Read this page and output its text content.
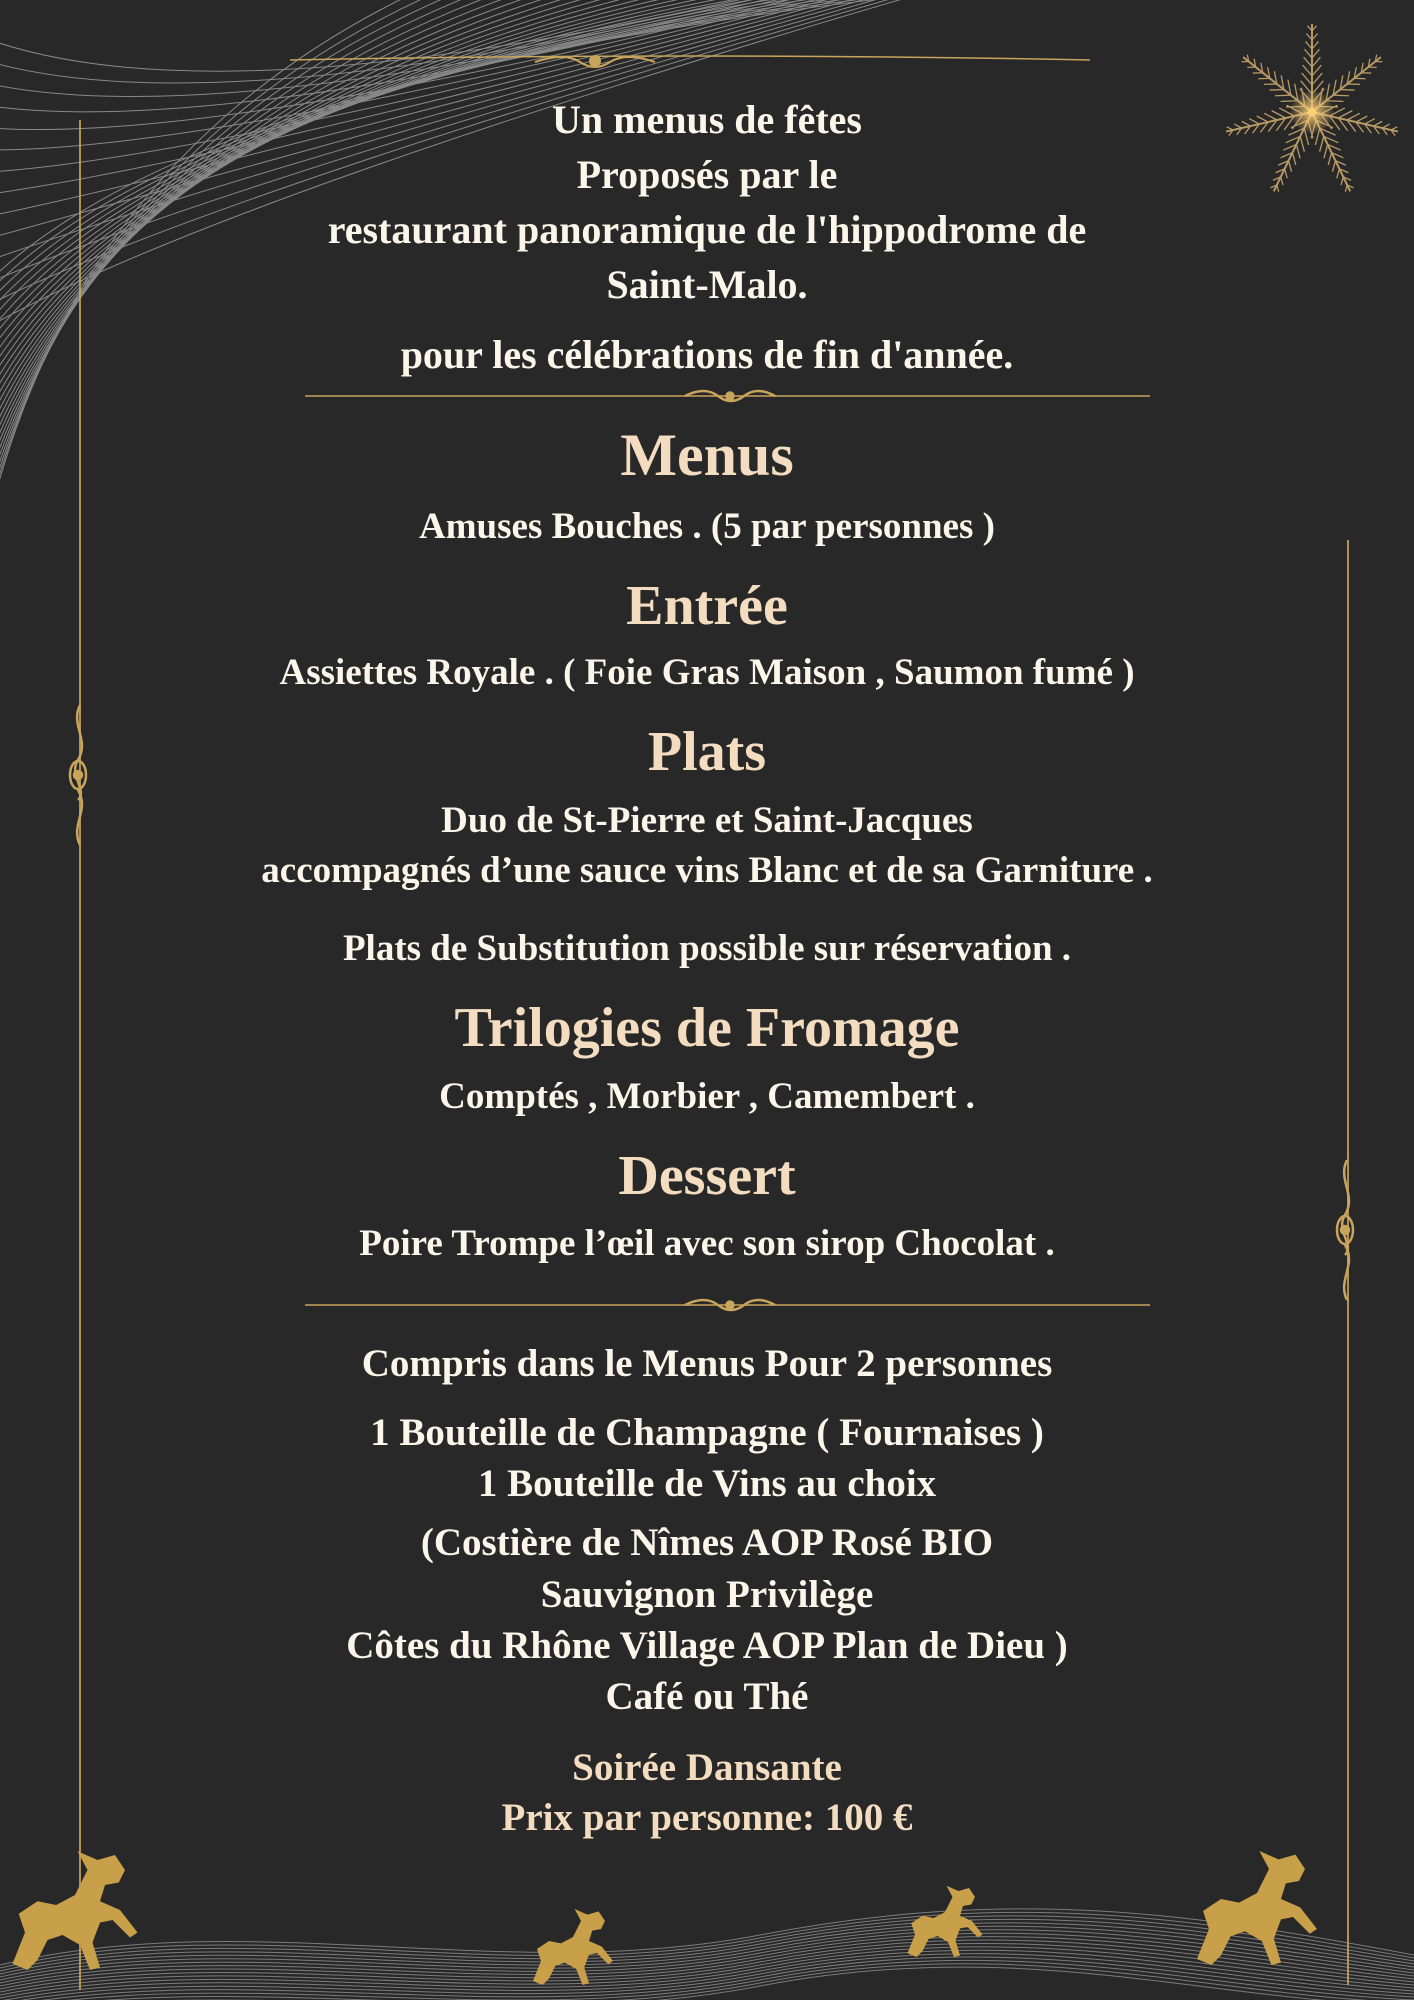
Un menus de fêtes
Proposés par le
restaurant panoramique de l'hippodrome de
Saint-Malo.
pour les célébrations de fin d'année.
Menus
Amuses Bouches . (5 par personnes )
Entrée
Assiettes Royale . ( Foie Gras Maison , Saumon fumé )
Plats
Duo de St-Pierre et Saint-Jacques
accompagnés d’une sauce vins Blanc et de sa Garniture .
Plats de Substitution possible sur réservation .
Trilogies de Fromage
Comptés , Morbier , Camembert .
Dessert
Poire Trompe l’œil avec son sirop Chocolat .
Compris dans le Menus Pour 2 personnes
1 Bouteille de Champagne ( Fournaises )
1 Bouteille de Vins au choix
(Costière de Nîmes AOP Rosé BIO
Sauvignon Privilège
Côtes du Rhône Village AOP Plan de Dieu )
Café ou Thé
Soirée Dansante
Prix par personne: 100 €
